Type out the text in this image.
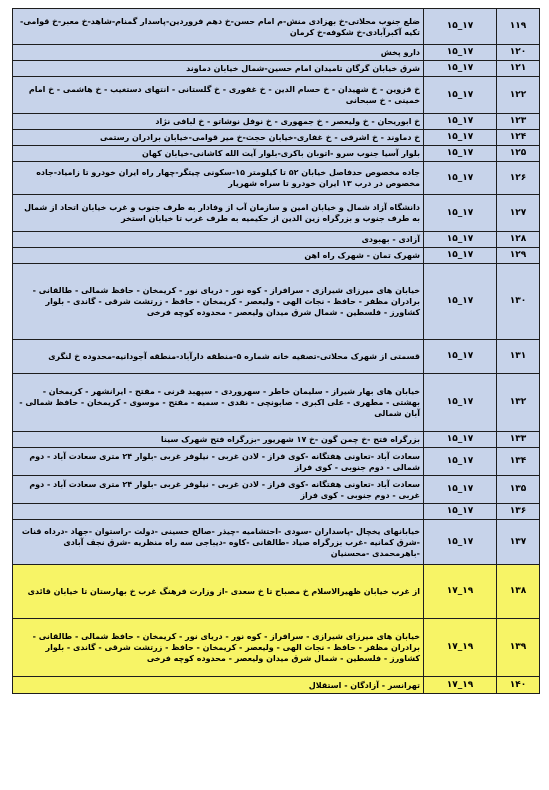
۱۱۹	۱۵_۱۷	ضلع جنوب محلاتی-خ بهزادی منش-م امام حسن-خ دهم فروردین-پاسدار گمنام-شاهد-خ معبر-خ قوامی-تکیه آکبرآبادی-خ شکوفه-خ کرمان
۱۲۰	۱۵_۱۷	دارو پخش
۱۲۱	۱۵_۱۷	شرق خیابان گرگان تامیدان امام حسین-شمال خیابان دماوند
۱۲۲	۱۵_۱۷	خ قزوین - خ شهیدان - خ حسام الدین - خ غفوری - خ گلستانی - انتهای دستغیب - خ هاشمی - خ امام خمینی - خ سبحانی
۱۲۳	۱۵_۱۷	خ ابوریحان - خ ولیعصر - خ جمهوری - خ نوفل نوشاتو - خ لبافی نژاد
۱۲۴	۱۵_۱۷	خ دماوند - خ اشرفی - خ غفاری-خیابان حجت-خ میر قوامی-خیابان برادران رستمی
۱۲۵	۱۵_۱۷	بلوار آسیا جنوب سرو -اتوبان باکری-بلوار آیت الله کاشانی-خیابان کهان
۱۲۶	۱۵_۱۷	جاده مخصوص حدفاصل خیابان ۵۲ تا کیلومتر ۱۵-سکونی چیتگر-چهار راه ایران خودرو تا زامیاد-جاده مخصوص در درب ۱۳ ایران خودرو تا سراه شهریار
۱۲۷	۱۵_۱۷	دانشگاه آزاد شمال و خیابان امین و سازمان آب از وفادار به طرف جنوب و غرب خیابان اتحاد از شمال به طرف جنوب و بزرگراه زین الدین از حکیمیه به طرف غرب تا خیابان استخر
۱۲۸	۱۵_۱۷	آزادی - بهبودی
۱۲۹	۱۵_۱۷	شهرک تمان - شهرک راه اهن
۱۳۰	۱۵_۱۷	خیابان های میرزای شیرازی - سرافراز - کوه نور - دریای نور - کریمخان - حافظ شمالی - طالقانی - برادران مظفر - حافظ - نجات الهی - ولیعصر - کریمخان - حافظ - زرتشت شرقی - گاندی - بلوار کشاورز - فلسطین - شمال شرق میدان ولیعصر - محدوده کوچه فرخی
۱۳۱	۱۵_۱۷	قسمتی از شهرک محلاتی-تصفیه خانه شماره ۵-منطقه دارآباد-منطقه آجودانیه-محدوده خ لنگری
۱۳۲	۱۵_۱۷	خیابان های بهار شیراز - سلیمان خاطر - سهروردی - سپهبد قرنی - مفتح - ایرانشهر - کریمخان - بهشتی - مطهری - علی اکبری - صابونچی - نقدی - سمیه - مفتح - موسوی - کریمخان - حافظ شمالی - آبان شمالی
۱۳۳	۱۵_۱۷	بزرگراه فتح -خ چمن گون -خ ۱۷ شهریور -بزرگراه فتح شهرک سینا
۱۳۴	۱۵_۱۷	سعادت آباد -تعاونی هفتگانه -کوی فراز - لادن غربی - نیلوفر غربی -بلوار ۲۴ متری سعادت آباد - دوم شمالی - دوم جنوبی - کوی فراز
۱۳۵	۱۵_۱۷	سعادت آباد -تعاونی هفتگانه -کوی فراز - لادن غربی - نیلوفر غربی -بلوار ۲۴ متری سعادت آباد - دوم غربی - دوم جنوبی - کوی فراز
۱۳۶	۱۵_۱۷	
۱۳۷	۱۵_۱۷	خیابانهای یخچال -پاسداران -سودی -احتشامیه -چیذر -صالح حسینی -دولت -راستوان -جهاد -درداه قنات -شرق کمانیه -غرب بزرگراه صیاد -طالقانی -کاوه -دیباجی سه راه منظریه -شرق نجف آبادی -باهرمحمدی -محسنیان
۱۳۸	۱۷_۱۹	از غرب خیابان ظهیرالاسلام خ مصباح تا خ سعدی -از وزارت فرهنگ غرب خ بهارستان تا خیابان قائدی
۱۳۹	۱۷_۱۹	خیابان های میرزای شیرازی - سرافراز - کوه نور - دریای نور - کریمخان - حافظ شمالی - طالقانی - برادران مظفر - حافظ - نجات الهی - ولیعصر - کریمخان - حافظ - زرتشت شرقی - گاندی - بلوار کشاورز - فلسطین - شمال شرق میدان ولیعصر - محدوده کوچه فرخی
۱۴۰	۱۷_۱۹	تهرانسر - آزادگان - استقلال
